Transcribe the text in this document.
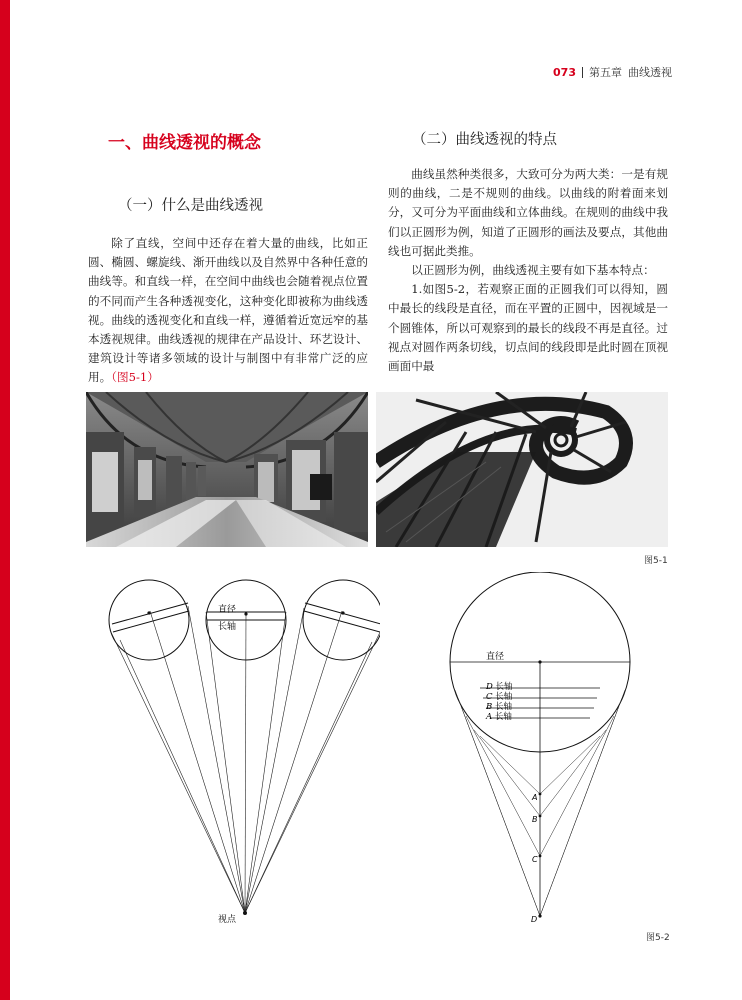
073 第五章 曲线透视
一、曲线透视的概念
（一）什么是曲线透视

除了直线，空间中还存在着大量的曲线，比如正圆、椭圆、螺旋线、渐开曲线以及自然界中各种任意的曲线等。和直线一样，在空间中曲线也会随着视点位置的不同而产生各种透视变化，这种变化即被称为曲线透视。曲线的透视变化和直线一样，遵循着近宽远窄的基本透视规律。曲线透视的规律在产品设计、环艺设计、建筑设计等诸多领域的设计与制图中有非常广泛的应用。（图5-1）

（二）曲线透视的特点

曲线虽然种类很多，大致可分为两大类：一是有规则的曲线，二是不规则的曲线。以曲线的附着面来划分，又可分为平面曲线和立体曲线。在规则的曲线中我们以正圆形为例，知道了正圆形的画法及要点，其他曲线也可据此类推。

以正圆形为例，曲线透视主要有如下基本特点：

1.如图5-2，若观察正面的正圆我们可以得知，圆中最长的线段是直径，而在平置的正圆中，因视域是一个圆锥体，所以可观察到的最长的线段不再是直径。过视点对圆作两条切线，切点间的线段即是此时圆在顶视画面中最

图5-1
直径
长轴
视点
直径
D 长轴
C 长轴
B 长轴
A 长轴
A
B
C
D
图5-2
